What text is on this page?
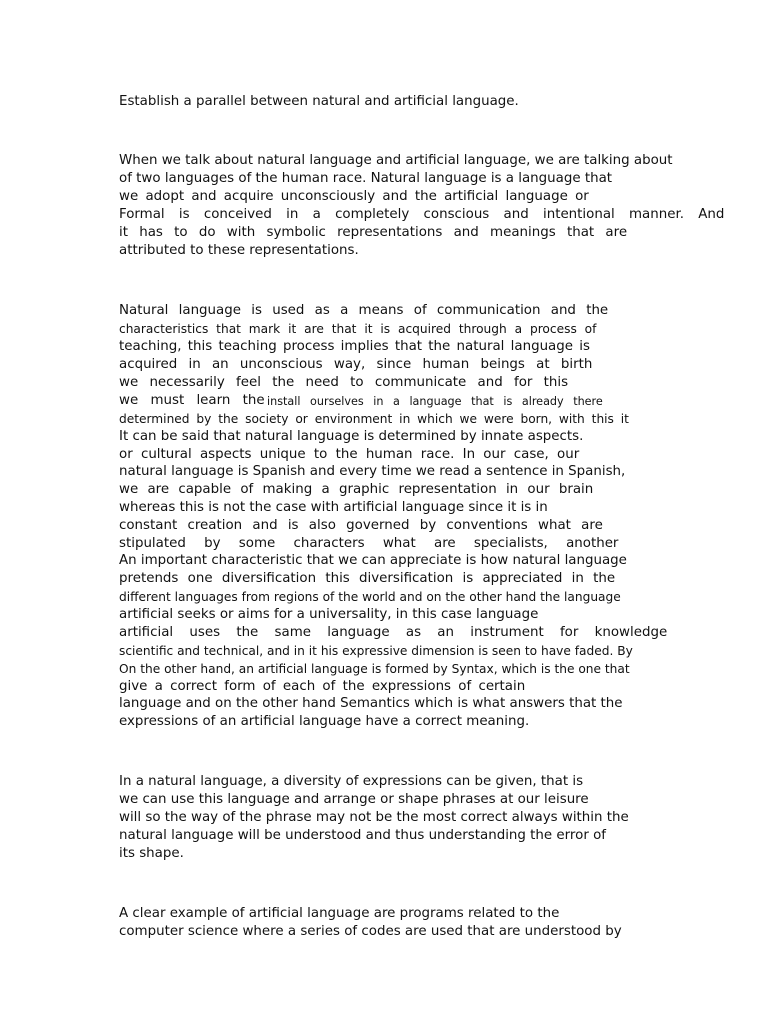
Establish a parallel between natural and artificial language.
When we talk about natural language and artificial language, we are talking about
of two languages of the human race. Natural language is a language that
we adopt and acquire unconsciously and the artificial language or
Formal is conceived in a completely conscious and intentional manner. And
it has to do with symbolic representations and meanings that are
attributed to these representations.
Natural language is used as a means of communication and the
characteristics that mark it are that it is acquired through a process of
teaching, this teaching process implies that the natural language is
acquired in an unconscious way, since human beings at birth
we necessarily feel the need to communicate and for this
we must learn the install ourselves in a language that is already there
determined by the society or environment in which we were born, with this it
It can be said that natural language is determined by innate aspects.
or cultural aspects unique to the human race. In our case, our
natural language is Spanish and every time we read a sentence in Spanish,
we are capable of making a graphic representation in our brain
whereas this is not the case with artificial language since it is in
constant creation and is also governed by conventions what are
stipulated by some characters what are specialists, another
An important characteristic that we can appreciate is how natural language
pretends one diversification this diversification is appreciated in the
different languages from regions of the world and on the other hand the language
artificial seeks or aims for a universality, in this case language
artificial uses the same language as an instrument for knowledge
scientific and technical, and in it his expressive dimension is seen to have faded. By
On the other hand, an artificial language is formed by Syntax, which is the one that
give a correct form of each of the expressions of certain
language and on the other hand Semantics which is what answers that the
expressions of an artificial language have a correct meaning.
In a natural language, a diversity of expressions can be given, that is
we can use this language and arrange or shape phrases at our leisure
will so the way of the phrase may not be the most correct always within the
natural language will be understood and thus understanding the error of
its shape.
A clear example of artificial language are programs related to the
computer science where a series of codes are used that are understood by
